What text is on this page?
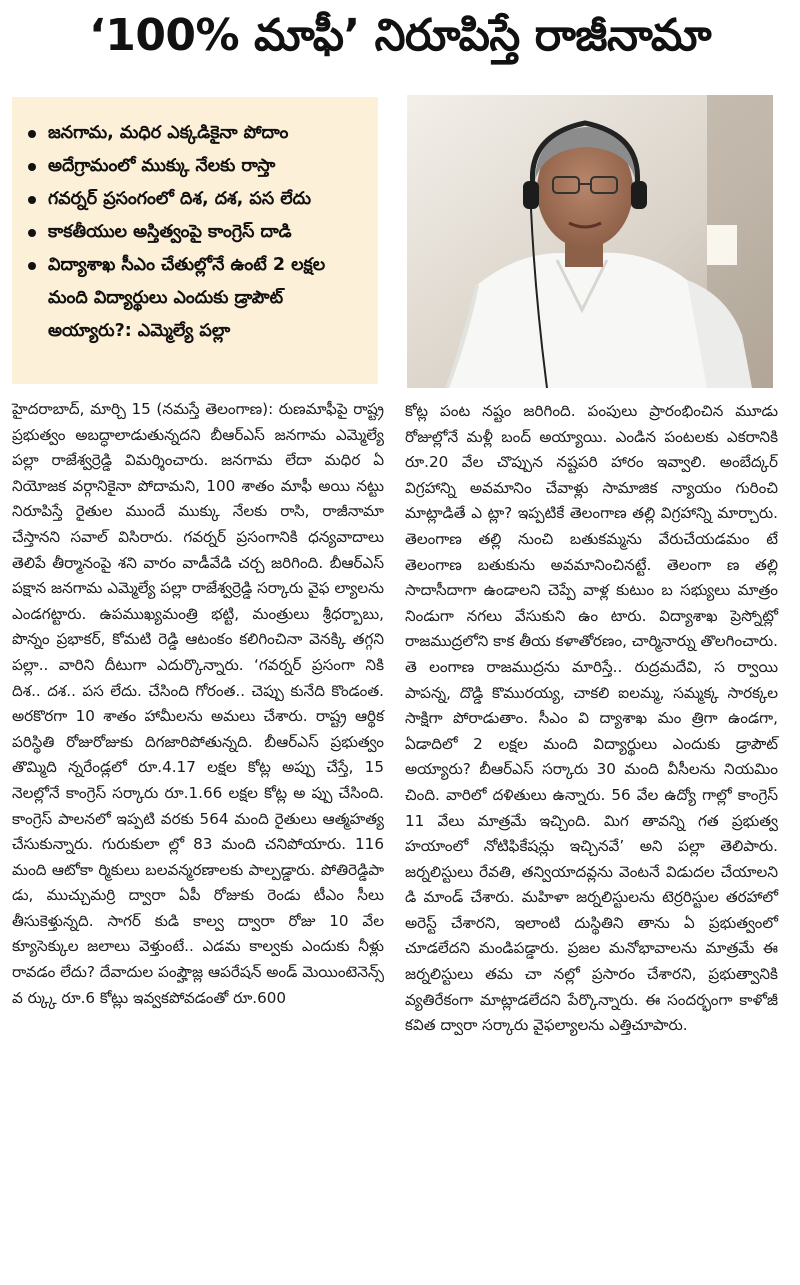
‘100% మాఫీ’ నిరూపిస్తే రాజీనామా
జనగామ, మధిర ఎక్కడికైనా పోదాం
అదేగ్రామంలో ముక్కు నేలకు రాస్తా
గవర్నర్ ప్రసంగంలో దిశ, దశ, పస లేదు
కాకతీయుల అస్తిత్వంపై కాంగ్రెస్ దాడి
విద్యాశాఖ సీఎం చేతుల్లోనే ఉంటే 2 లక్షల మంది విద్యార్థులు ఎందుకు డ్రాపౌట్ అయ్యారు?: ఎమ్మెల్యే పల్లా

హైదరాబాద్, మార్చి 15 (నమస్తే తెలంగాణ): రుణమాఫీపై రాష్ట్ర ప్రభుత్వం అబద్ధాలాడుతున్నదని బీఆర్ఎస్ జనగామ ఎమ్మెల్యే పల్లా రాజేశ్వర్రెడ్డి విమర్శించారు. జనగామ లేదా మధిర ఏ నియోజక వర్గానికైనా పోదామని, 100 శాతం మాఫీ అయి నట్టు నిరూపిస్తే రైతుల ముందే ముక్కు నేలకు రాసి, రాజీనామా చేస్తానని సవాల్ విసిరారు. గవర్నర్ ప్రసంగానికి ధన్యవాదాలు తెలిపే తీర్మానంపై శని వారం వాడీవేడి చర్చ జరిగింది. బీఆర్ఎస్ పక్షాన జనగామ ఎమ్మెల్యే పల్లా రాజేశ్వర్రెడ్డి సర్కారు వైఫ ల్యాలను ఎండగట్టారు. ఉపముఖ్యమంత్రి భట్టి, మంత్రులు శ్రీధర్బాబు, పొన్నం ప్రభాకర్, కోమటి రెడ్డి ఆటంకం కలిగించినా వెనక్కి తగ్గని పల్లా.. వారిని దీటుగా ఎదుర్కొన్నారు. ‘గవర్నర్ ప్రసంగా నికి దిశ.. దశ.. పస లేదు. చేసింది గోరంత.. చెప్పు కునేది కొండంత. అరకొరగా 10 శాతం హామీలను అమలు చేశారు. రాష్ట్ర ఆర్థిక పరిస్థితి రోజురోజుకు దిగజారిపోతున్నది. బీఆర్ఎస్ ప్రభుత్వం తొమ్మిది న్నరేండ్లలో రూ.4.17 లక్షల కోట్ల అప్పు చేస్తే, 15 నెలల్లోనే కాంగ్రెస్ సర్కారు రూ.1.66 లక్షల కోట్ల అ ప్పు చేసింది. కాంగ్రెస్ పాలనలో ఇప్పటి వరకు 564 మంది రైతులు ఆత్మహత్య చేసుకున్నారు. గురుకులా ల్లో 83 మంది చనిపోయారు. 116 మంది ఆటోకా ర్మికులు బలవన్మరణాలకు పాల్పడ్డారు. పోతిరెడ్డిపా డు, ముచ్చుమర్రి ద్వారా ఏపీ రోజుకు రెండు టీఎం సీలు తీసుకెళ్తున్నది. సాగర్ కుడి కాల్వ ద్వారా రోజు 10 వేల క్యూసెక్కుల జలాలు వెళ్తుంటే.. ఎడమ కాల్వకు ఎందుకు నీళ్లు రావడం లేదు? దేవాదుల పంప్హౌజ్ల ఆపరేషన్ అండ్ మెయింటెనెన్స్ వ ర్క్కు రూ.6 కోట్లు ఇవ్వకపోవడంతో రూ.600

కోట్ల పంట నష్టం జరిగింది. పంపులు ప్రారంభించిన మూడు రోజుల్లోనే మళ్లీ బంద్ అయ్యాయి. ఎండిన పంటలకు ఎకరానికి రూ.20 వేల చొప్పున నష్టపరి హారం ఇవ్వాలి. అంబేద్కర్ విగ్రహాన్ని అవమానిం చేవాళ్లు సామాజిక న్యాయం గురించి మాట్లాడితే ఎ ట్లా? ఇప్పటికే తెలంగాణ తల్లి విగ్రహాన్ని మార్చారు. తెలంగాణ తల్లి నుంచి బతుకమ్మను వేరుచేయడమం టే తెలంగాణ బతుకును అవమానించినట్టే. తెలంగా ణ తల్లి సాదాసీదాగా ఉండాలని చెప్పే వాళ్ల కుటుం బ సభ్యులు మాత్రం నిండుగా నగలు వేసుకుని ఉం టారు. విద్యాశాఖ ప్రెస్నోట్లో రాజముద్రలోని కాక తీయ కళాతోరణం, చార్మినార్ను తొలగించారు. తె లంగాణ రాజముద్రను మారిస్తే.. రుద్రమదేవి, స ర్వాయి పాపన్న, దొడ్డి కొమురయ్య, చాకలి ఐలమ్మ, సమ్మక్క సారక్కల సాక్షిగా పోరాడుతాం. సీఎం వి ద్యాశాఖ మం త్రిగా ఉండగా, ఏడాదిలో 2 లక్షల మంది విద్యార్థులు ఎందుకు డ్రాపౌట్ అయ్యారు? బీఆర్ఎస్ సర్కారు 30 మంది వీసీలను నియమిం చింది. వారిలో దళితులు ఉన్నారు. 56 వేల ఉద్యో గాల్లో కాంగ్రెస్ 11 వేలు మాత్రమే ఇచ్చింది. మిగ తావన్ని గత ప్రభుత్వ హయాంలో నోటిఫికేషన్లు ఇచ్చినవే’ అని పల్లా తెలిపారు. జర్నలిస్టులు రేవతి, తన్వియాదవ్లను వెంటనే విడుదల చేయాలని డి మాండ్ చేశారు. మహిళా జర్నలిస్టులను టెర్రరిస్టుల తరహాలో అరెస్ట్ చేశారని, ఇలాంటి దుస్థితిని తాను ఏ ప్రభుత్వంలో చూడలేదని మండిపడ్డారు. ప్రజల మనోభావాలను మాత్రమే ఈ జర్నలిస్టులు తమ చా నల్లో ప్రసారం చేశారని, ప్రభుత్వానికి వ్యతిరేకంగా మాట్లాడలేదని పేర్కొన్నారు. ఈ సందర్భంగా కాళోజీ కవిత ద్వారా సర్కారు వైఫల్యాలను ఎత్తిచూపారు.
